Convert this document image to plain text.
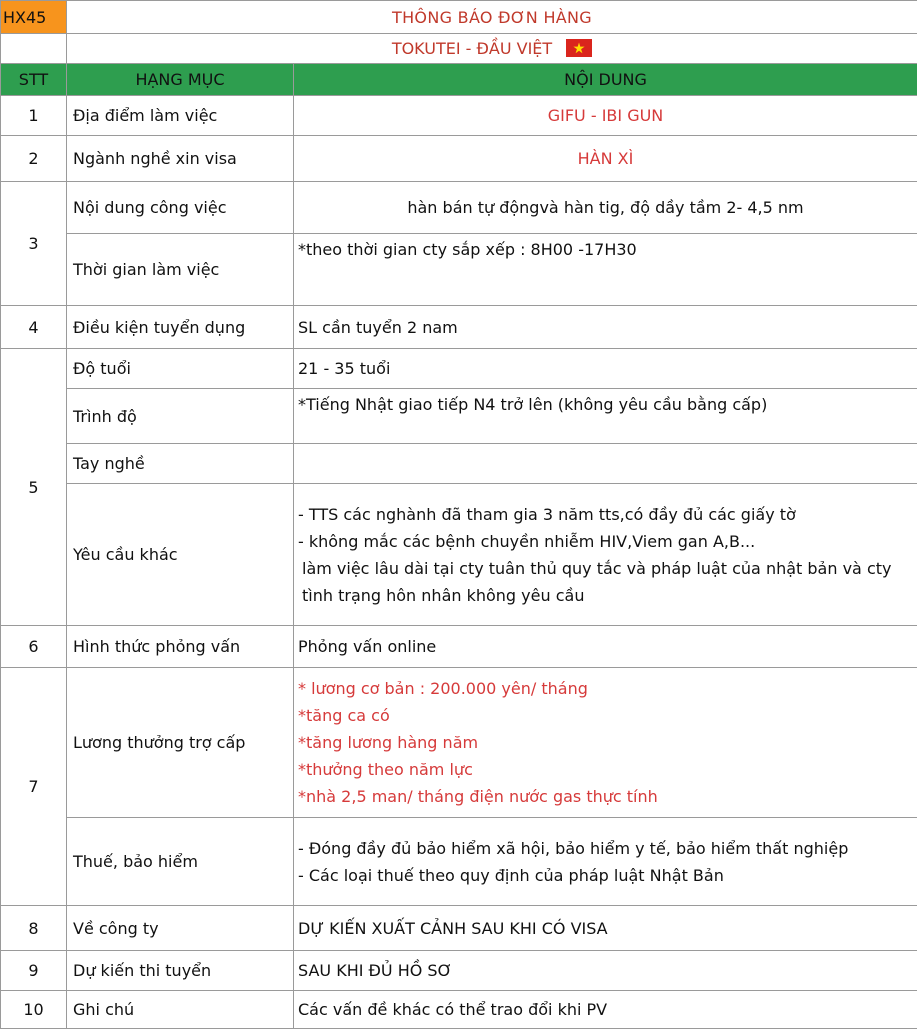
HX45	THÔNG BÁO ĐƠN HÀNG	
	TOKUTEI - ĐẦU VIỆT	

STT	HẠNG MỤC	NỘI DUNG
1	Địa điểm làm việc	GIFU - IBI GUN
2	Ngành nghề xin visa	HÀN XÌ
3	Nội dung công việc	hàn bán tự độngvà hàn tig, độ dầy tầm 2- 4,5 nm
	Thời gian làm việc	*theo thời gian cty sắp xếp : 8H00 -17H30
4	Điều kiện tuyển dụng	SL cần tuyển 2 nam
5	Độ tuổi	21 - 35 tuổi
	Trình độ	*Tiếng Nhật giao tiếp N4 trở lên (không yêu cầu bằng cấp)
	Tay nghề	
	Yêu cầu khác	- TTS các nghành đã tham gia 3 năm tts,có đầy đủ các giấy tờ
- không mắc các bệnh chuyền nhiễm HIV,Viem gan A,B...
làm việc lâu dài tại cty tuân thủ quy tắc và pháp luật của nhật bản và cty
tình trạng hôn nhân không yêu cầu

6	Hình thức phỏng vấn	Phỏng vấn online
7	Lương thưởng trợ cấp	* lương cơ bản : 200.000 yên/ tháng
*tăng ca có
*tăng lương hàng năm
*thưởng theo năm lực
*nhà 2,5 man/ tháng điện nước gas thực tính

	Thuế, bảo hiểm	- Đóng đầy đủ bảo hiểm xã hội, bảo hiểm y tế, bảo hiểm thất nghiệp
- Các loại thuế theo quy định của pháp luật Nhật Bản

8	Về công ty	DỰ KIẾN XUẤT CẢNH SAU KHI CÓ VISA
9	Dự kiến thi tuyển	SAU KHI ĐỦ HỒ SƠ
10	Ghi chú	Các vấn đề khác có thể trao đổi khi PV
